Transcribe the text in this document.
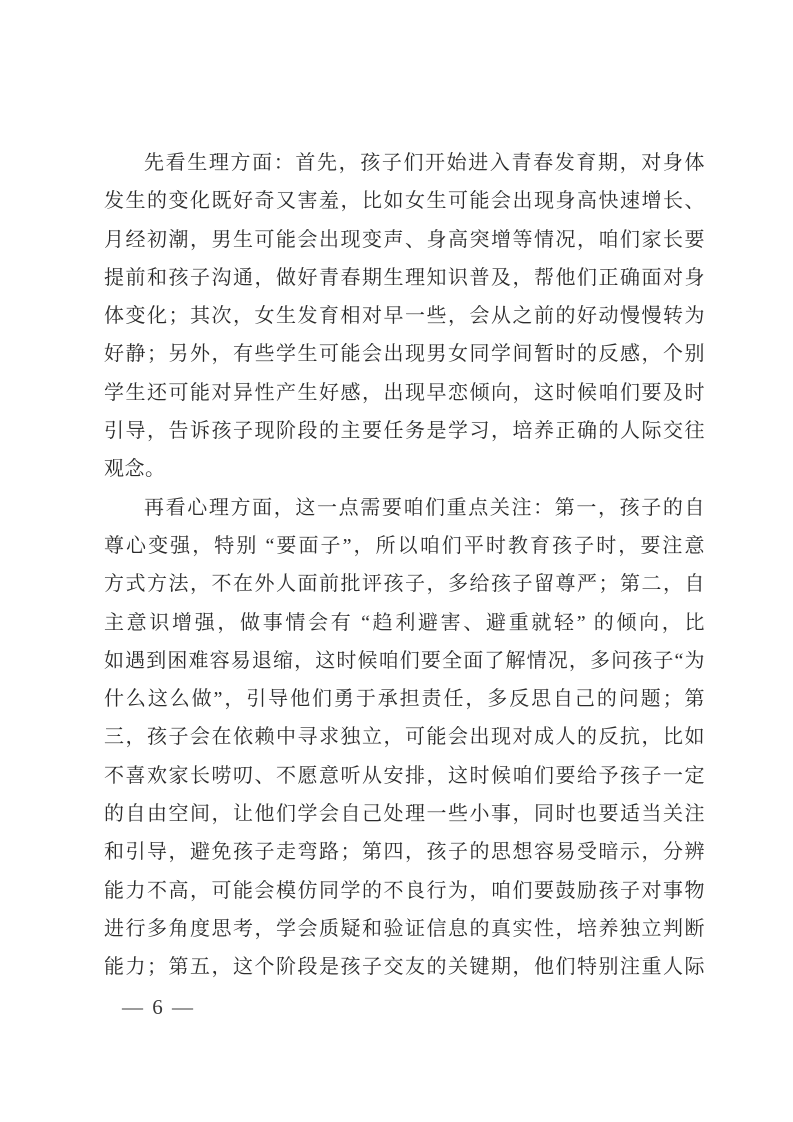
先看生理方面：首先，孩子们开始进入青春发育期，对身体
发生的变化既好奇又害羞，比如女生可能会出现身高快速增长、
月经初潮，男生可能会出现变声、身高突增等情况，咱们家长要
提前和孩子沟通，做好青春期生理知识普及，帮他们正确面对身
体变化；其次，女生发育相对早一些，会从之前的好动慢慢转为
好静；另外，有些学生可能会出现男女同学间暂时的反感，个别
学生还可能对异性产生好感，出现早恋倾向，这时候咱们要及时
引导，告诉孩子现阶段的主要任务是学习，培养正确的人际交往
观念。
再看心理方面，这一点需要咱们重点关注：第一，孩子的自
尊心变强，特别 “要面子”，所以咱们平时教育孩子时，要注意
方式方法，不在外人面前批评孩子，多给孩子留尊严；第二，自
主意识增强，做事情会有 “趋利避害、避重就轻” 的倾向，比
如遇到困难容易退缩，这时候咱们要全面了解情况，多问孩子“为
什么这么做”，引导他们勇于承担责任，多反思自己的问题；第
三，孩子会在依赖中寻求独立，可能会出现对成人的反抗，比如
不喜欢家长唠叨、不愿意听从安排，这时候咱们要给予孩子一定
的自由空间，让他们学会自己处理一些小事，同时也要适当关注
和引导，避免孩子走弯路；第四，孩子的思想容易受暗示，分辨
能力不高，可能会模仿同学的不良行为，咱们要鼓励孩子对事物
进行多角度思考，学会质疑和验证信息的真实性，培养独立判断
能力；第五，这个阶段是孩子交友的关键期，他们特别注重人际
— 6 —
